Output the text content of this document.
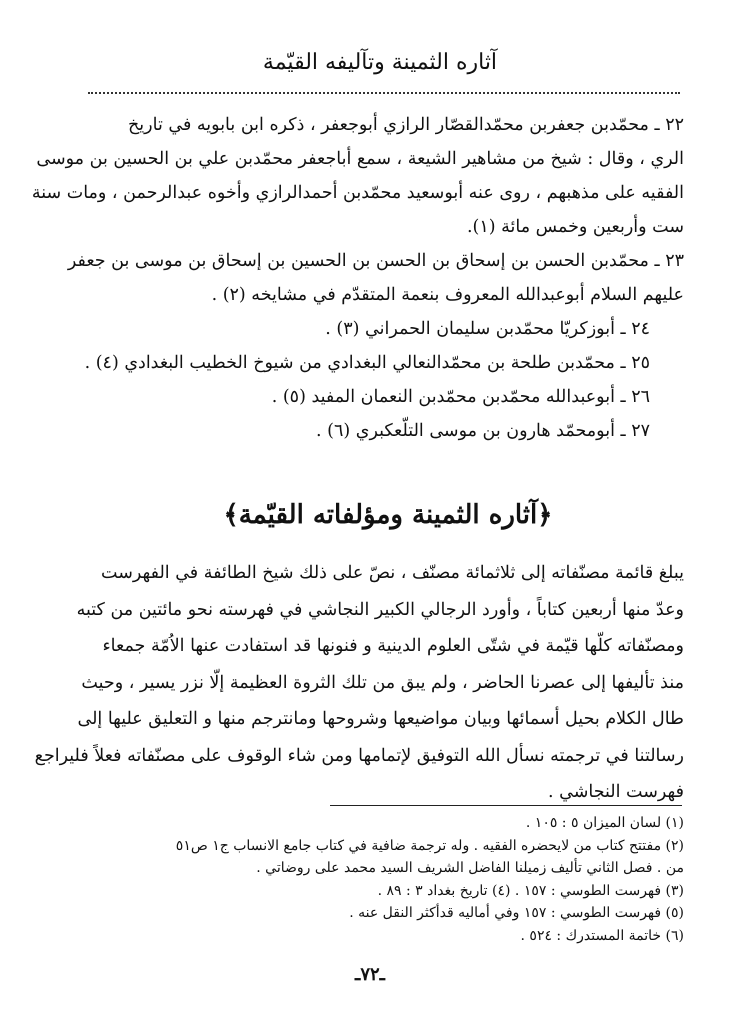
آثاره الثمينة وتآليفه القيّمة
٢٢ ـ محمّدبن جعفربن محمّدالقصّار الرازي أبوجعفر ، ذكره ابن بابويه في تاريخ
الري ، وقال : شيخ من مشاهير الشيعة ، سمع أباجعفر محمّدبن علي بن الحسين بن موسى
الفقيه على مذهبهم ، روى عنه أبوسعيد محمّدبن أحمدالرازي وأخوه عبدالرحمن ، ومات سنة
ست وأربعين وخمس مائة (١).
٢٣ ـ محمّدبن الحسن بن إسحاق بن الحسن بن الحسين بن إسحاق بن موسى بن جعفر
عليهم السلام أبوعبدالله المعروف بنعمة المتقدّم في مشايخه (٢) .
٢٤ ـ أبوزكريّا محمّدبن سليمان الحمراني (٣) .
٢٥ ـ محمّدبن طلحة بن محمّدالنعالي البغدادي من شيوخ الخطيب البغدادي (٤) .
٢٦ ـ أبوعبدالله محمّدبن محمّدبن النعمان المفيد (٥) .
٢٧ ـ أبومحمّد هارون بن موسى التلّعكبري (٦) .
﴿آثاره الثمينة ومؤلفاته القيّمة﴾
يبلغ قائمة مصنّفاته إلى ثلاثمائة مصنّف ، نصّ على ذلك شيخ الطائفة في الفهرست
وعدّ منها أربعين كتاباً ، وأورد الرجالي الكبير النجاشي في فهرسته نحو مائتين من كتبه
ومصنّفاته كلّها قيّمة في شتّى العلوم الدينية و فنونها قد استفادت عنها الاُمّة جمعاء
منذ تأليفها إلى عصرنا الحاضر ، ولم يبق من تلك الثروة العظيمة إلّا نزر يسير ، وحيث
طال الكلام بحيل أسمائها وبيان مواضيعها وشروحها ومانترجم منها و التعليق عليها إلى
رسالتنا في ترجمته نسأل الله التوفيق لإتمامها ومن شاء الوقوف على مصنّفاته فعلاً فليراجع
فهرست النجاشي .
(١) لسان الميزان ٥ : ١٠٥ .
(٢) مفتتح كتاب من لايحضره الفقيه . وله ترجمة ضافية في كتاب جامع الانساب ج١ ص٥١
من . فصل الثاني تأليف زميلنا الفاضل الشريف السيد محمد على روضاتي .
(٣) فهرست الطوسي : ١٥٧ . (٤) تاريخ بغداد ٣ : ٨٩ .
(٥) فهرست الطوسي : ١٥٧ وفي أماليه قدأكثر النقل عنه .
(٦) خاتمة المستدرك : ٥٢٤ .
ـ٧٢ـ
